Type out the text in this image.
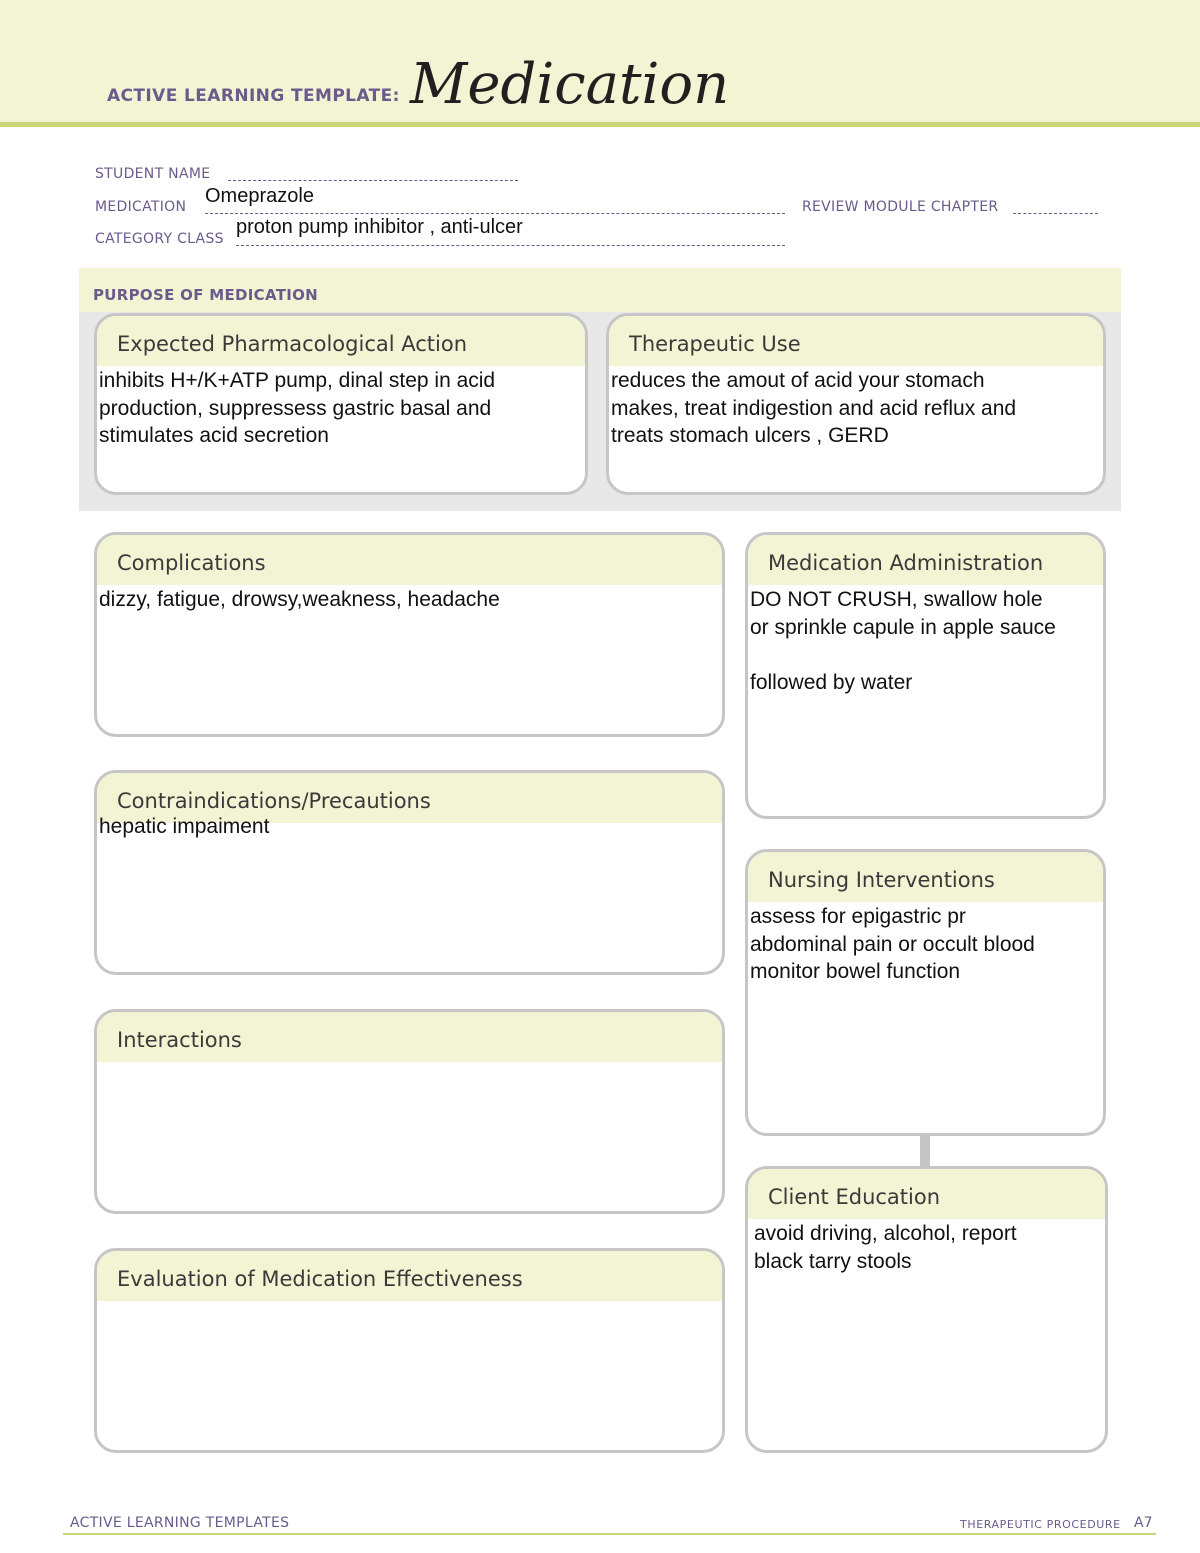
ACTIVE LEARNING TEMPLATE: Medication
STUDENT NAME
MEDICATION Omeprazole	REVIEW MODULE CHAPTER
CATEGORY CLASS
proton pump inhibitor , anti-ulcer
PURPOSE OF MEDICATION
Expected Pharmacological Action
inhibits H+/K+ATP pump, dinal step in acid
production, suppressess gastric basal and
stimulates acid secretion
Therapeutic Use
reduces the amout of acid your stomach
makes, treat indigestion and acid reflux and
treats stomach ulcers , GERD
Complications
dizzy, fatigue, drowsy,weakness, headache
Contraindications/Precautions
hepatic impaiment
Interactions
Evaluation of Medication Effectiveness
Medication Administration
DO NOT CRUSH, swallow hole
or sprinkle capule in apple sauce

followed by water
Nursing Interventions
assess for epigastric pr
abdominal pain or occult blood
monitor bowel function
Client Education
avoid driving, alcohol, report
black tarry stools
ACTIVE LEARNING TEMPLATES	THERAPEUTIC PROCEDURE A7
